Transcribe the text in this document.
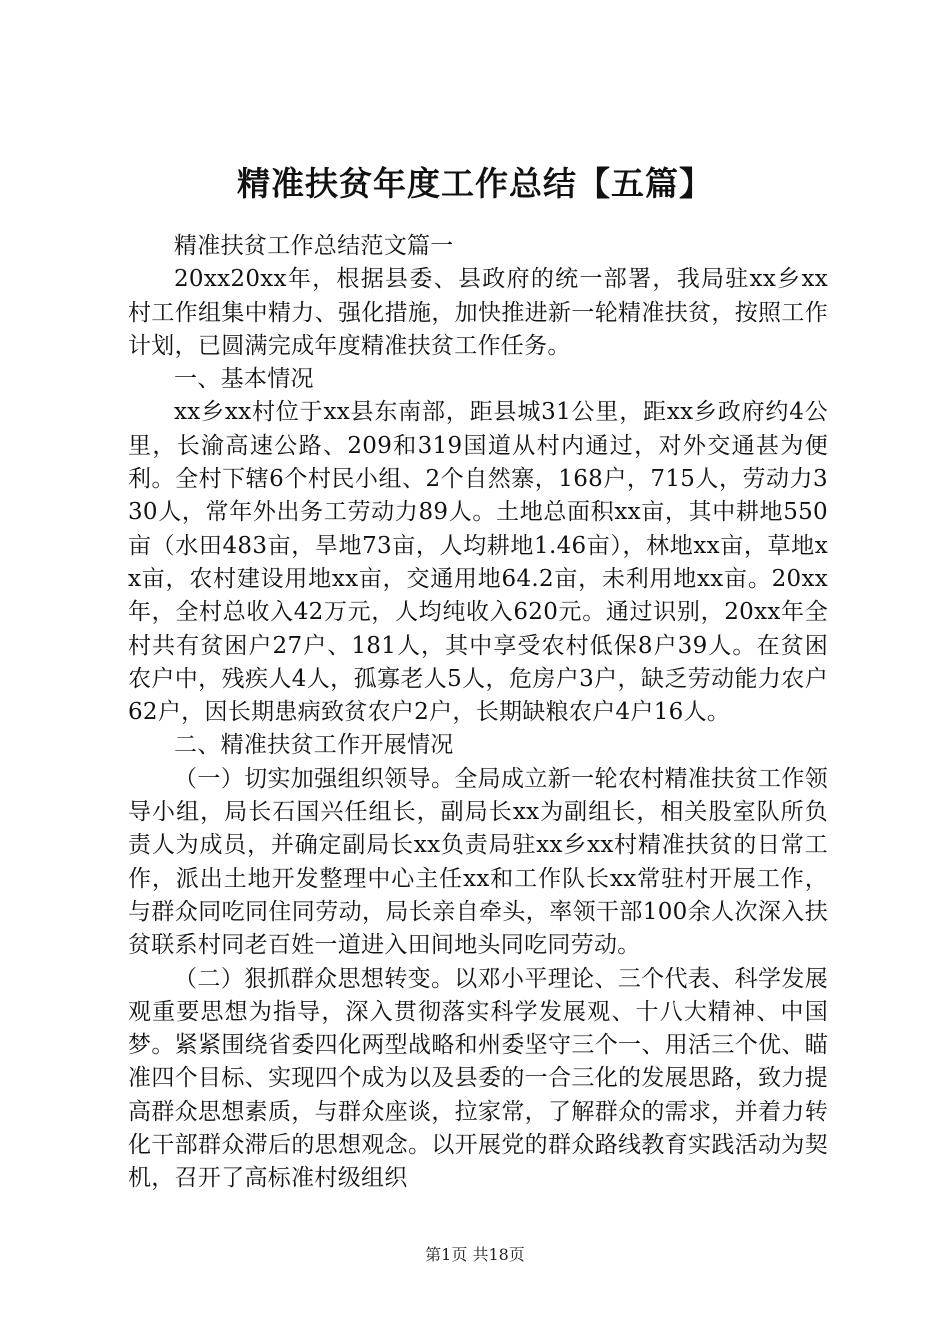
精准扶贫年度工作总结【五篇】

精准扶贫工作总结范文篇一

20xx20xx年，根据县委、县政府的统一部署，我局驻xx乡xx村工作组集中精力、强化措施，加快推进新一轮精准扶贫，按照工作计划，已圆满完成年度精准扶贫工作任务。

一、基本情况

xx乡xx村位于xx县东南部，距县城31公里，距xx乡政府约4公里，长渝高速公路、209和319国道从村内通过，对外交通甚为便利。全村下辖6个村民小组、2个自然寨，168户，715人，劳动力330人，常年外出务工劳动力89人。土地总面积xx亩，其中耕地550亩（水田483亩，旱地73亩，人均耕地1.46亩），林地xx亩，草地xx亩，农村建设用地xx亩，交通用地64.2亩，未利用地xx亩。20xx年，全村总收入42万元，人均纯收入620元。通过识别，20xx年全村共有贫困户27户、181人，其中享受农村低保8户39人。在贫困农户中，残疾人4人，孤寡老人5人，危房户3户，缺乏劳动能力农户62户，因长期患病致贫农户2户，长期缺粮农户4户16人。

二、精准扶贫工作开展情况

（一）切实加强组织领导。全局成立新一轮农村精准扶贫工作领导小组，局长石国兴任组长，副局长xx为副组长，相关股室队所负责人为成员，并确定副局长xx负责局驻xx乡xx村精准扶贫的日常工作，派出土地开发整理中心主任xx和工作队长xx常驻村开展工作，与群众同吃同住同劳动，局长亲自牵头，率领干部100余人次深入扶贫联系村同老百姓一道进入田间地头同吃同劳动。

（二）狠抓群众思想转变。以邓小平理论、三个代表、科学发展观重要思想为指导，深入贯彻落实科学发展观、十八大精神、中国梦。紧紧围绕省委四化两型战略和州委坚守三个一、用活三个优、瞄准四个目标、实现四个成为以及县委的一合三化的发展思路，致力提高群众思想素质，与群众座谈，拉家常，了解群众的需求，并着力转化干部群众滞后的思想观念。以开展党的群众路线教育实践活动为契机，召开了高标准村级组织

第1页 共18页
